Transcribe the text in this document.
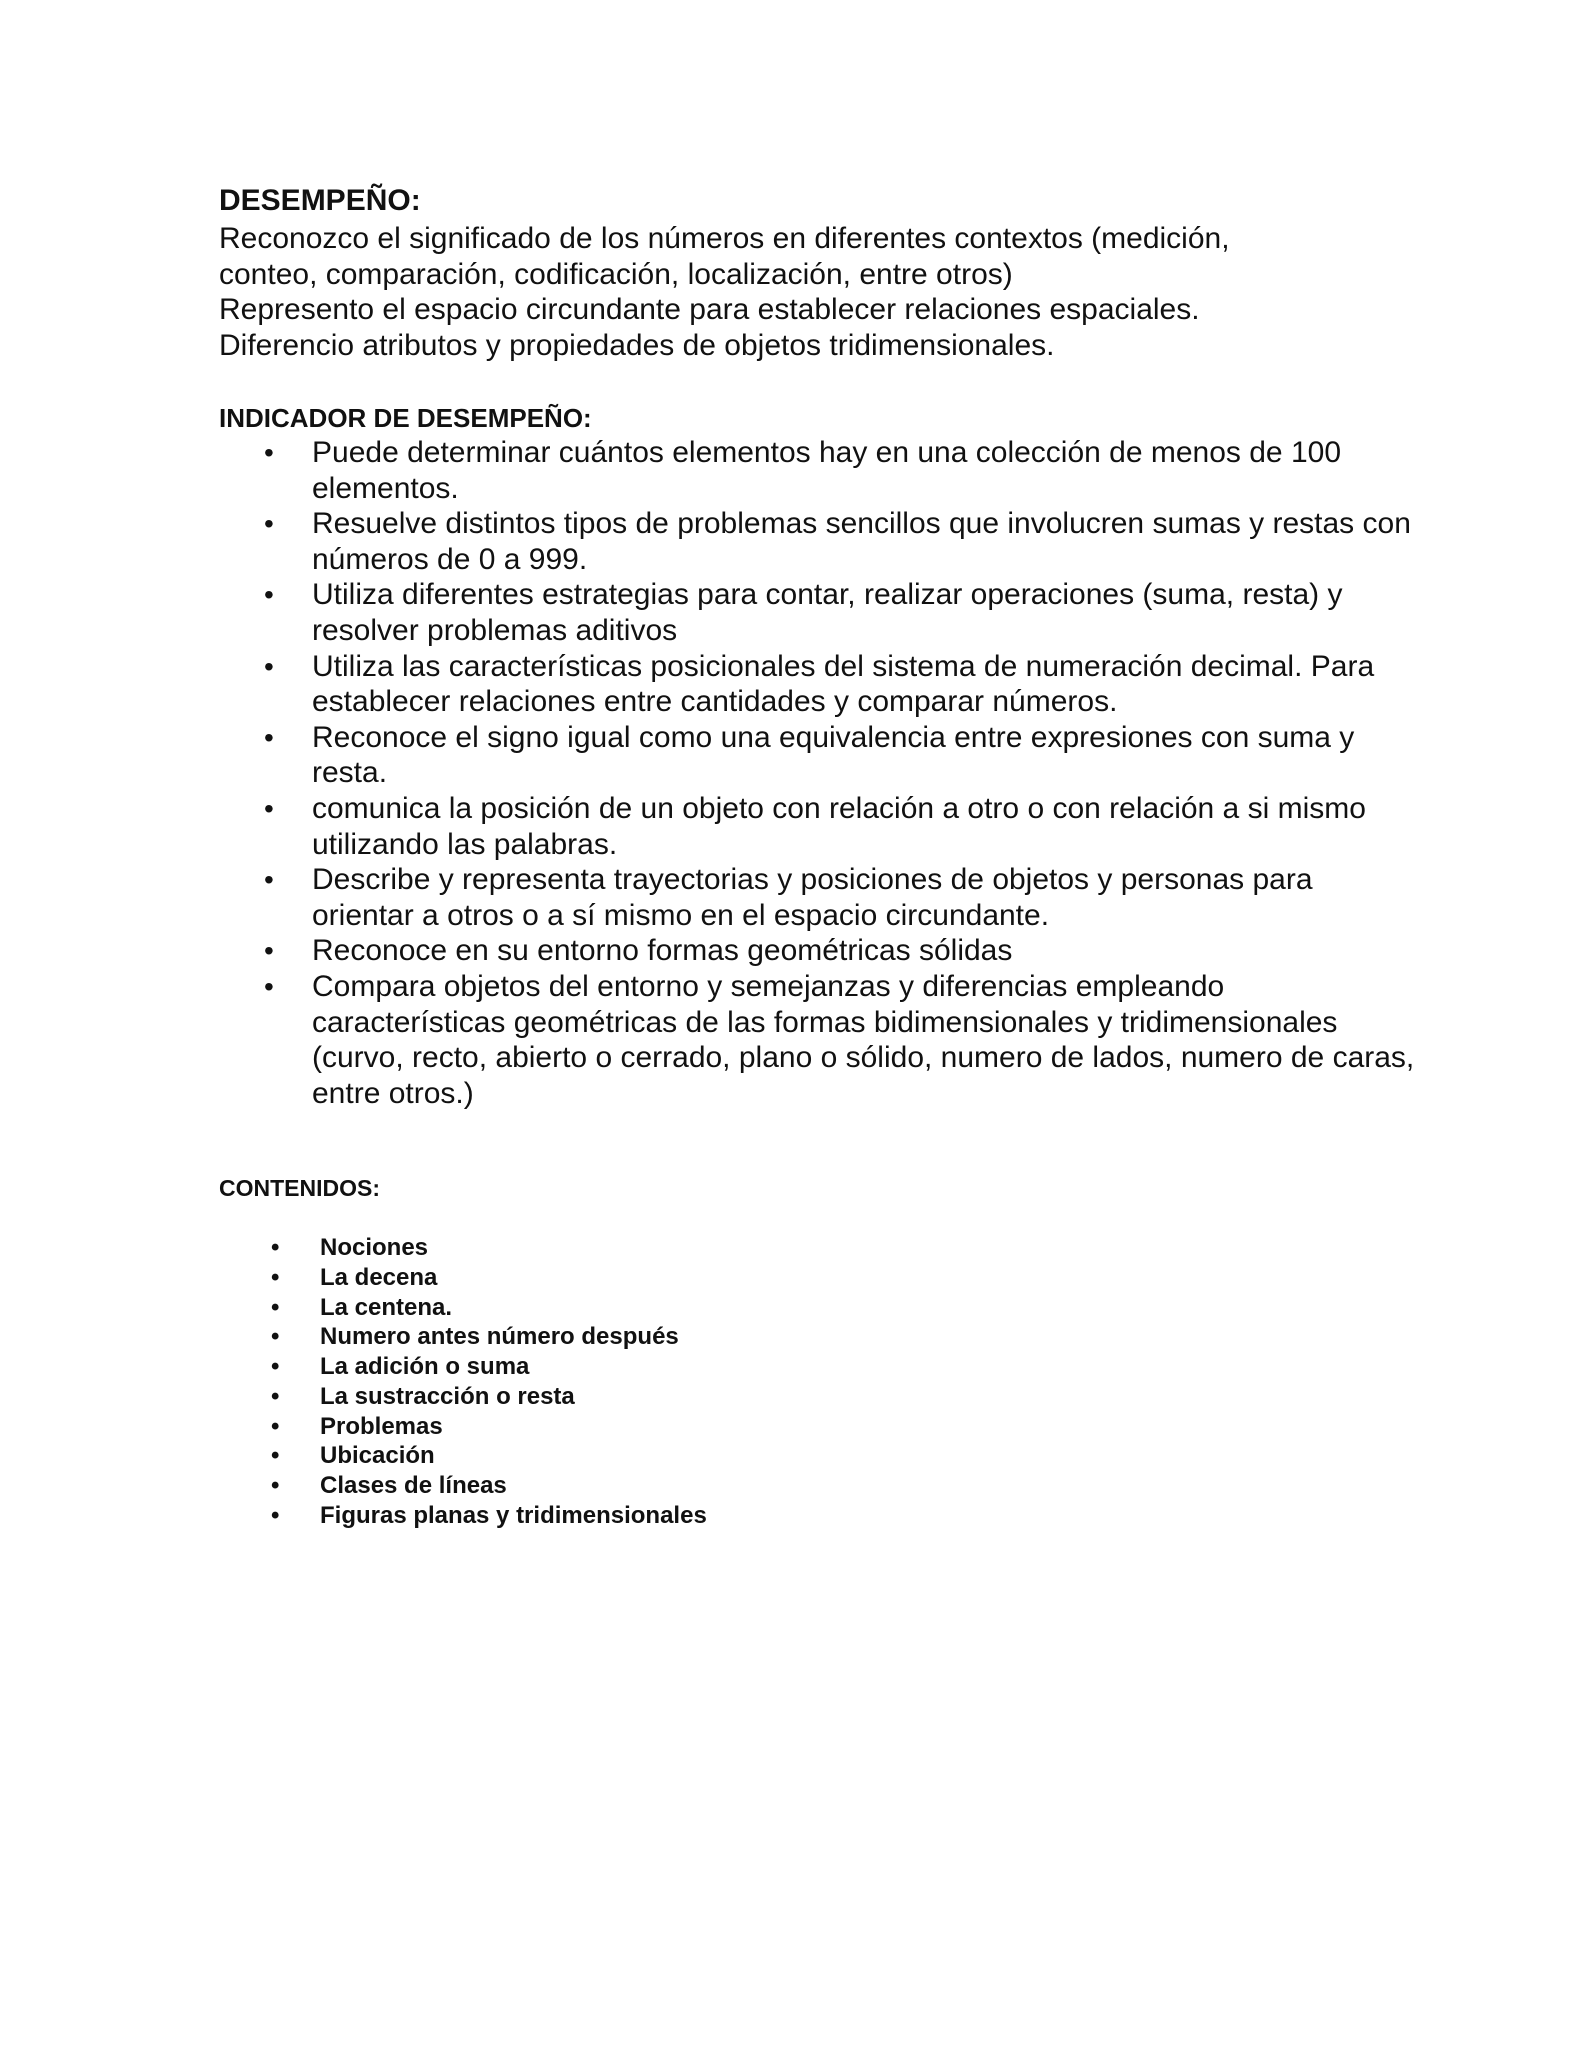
DESEMPEÑO:

Reconozco el significado de los números en diferentes contextos (medición,

conteo, comparación, codificación, localización, entre otros)

Represento el espacio circundante para establecer relaciones espaciales.

Diferencio atributos y propiedades de objetos tridimensionales.

INDICADOR DE DESEMPEÑO:
• Puede determinar cuántos elementos hay en una colección de menos de 100 elementos.
• Resuelve distintos tipos de problemas sencillos que involucren sumas y restas con números de 0 a 999.
• Utiliza diferentes estrategias para contar, realizar operaciones (suma, resta) y resolver problemas aditivos
• Utiliza las características posicionales del sistema de numeración decimal. Para establecer relaciones entre cantidades y comparar números.
• Reconoce el signo igual como una equivalencia entre expresiones con suma y resta.
• comunica la posición de un objeto con relación a otro o con relación a si mismo utilizando las palabras.
• Describe y representa trayectorias y posiciones de objetos y personas para orientar a otros o a sí mismo en el espacio circundante.
• Reconoce en su entorno formas geométricas sólidas
• Compara objetos del entorno y semejanzas y diferencias empleando características geométricas de las formas bidimensionales y tridimensionales (curvo, recto, abierto o cerrado, plano o sólido, numero de lados, numero de caras, entre otros.)
CONTENIDOS:
• Nociones
• La decena
• La centena.
• Numero antes número después
• La adición o suma
• La sustracción o resta
• Problemas
• Ubicación
• Clases de líneas
• Figuras planas y tridimensionales
